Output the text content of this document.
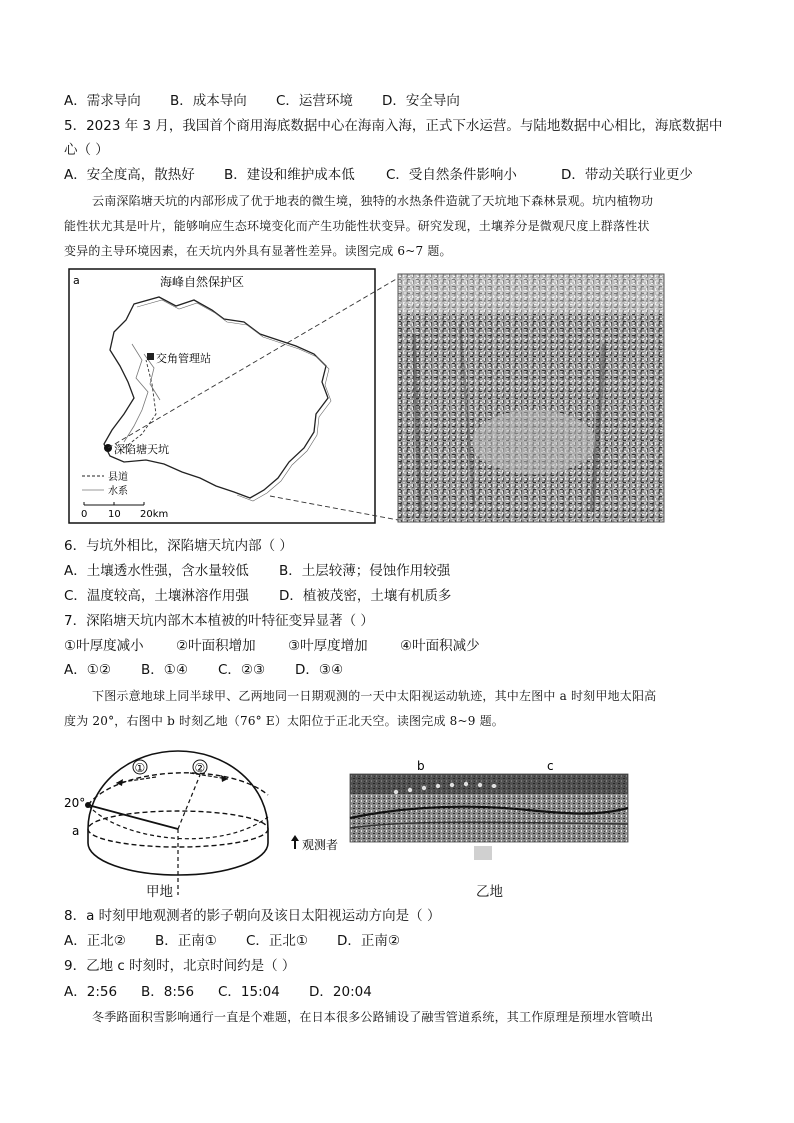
A．需求导向 B．成本导向 C．运营环境 D．安全导向
5．2023 年 3 月，我国首个商用海底数据中心在海南入海，正式下水运营。与陆地数据中心相比，海底数据中
心（ ）
A．安全度高，散热好 B．建设和维护成本低 C．受自然条件影响小	D．带动关联行业更少
云南深陷塘天坑的内部形成了优于地表的微生境，独特的水热条件造就了天坑地下森林景观。坑内植物功
能性状尤其是叶片，能够响应生态环境变化而产生功能性状变异。研究发现，土壤养分是微观尺度上群落性状
变异的主导环境因素，在天坑内外具有显著性差异。读图完成 6~7 题。
a	海峰自然保护区
交角管理站
深陷塘天坑
县道
水系
0 10 20km
6．与坑外相比，深陷塘天坑内部（ ）
A．土壤透水性强，含水量较低 B．土层较薄；侵蚀作用较强
C．温度较高，土壤淋溶作用强 D．植被茂密，土壤有机质多
7．深陷塘天坑内部木本植被的叶特征变异显著（ ）
①叶厚度减小 ②叶面积增加 ③叶厚度增加 ④叶面积减少
A．①② B．①④ C．②③ D．③④
下图示意地球上同半球甲、乙两地同一日期观测的一天中太阳视运动轨迹，其中左图中 a 时刻甲地太阳高
度为 20°，右图中 b 时刻乙地（76° E）太阳位于正北天空。读图完成 8~9 题。
①	②
20°
a
观测者
甲地
b	c
乙地
8．a 时刻甲地观测者的影子朝向及该日太阳视运动方向是（ ）
A．正北② B．正南① C．正北① D．正南②
9．乙地 c 时刻时，北京时间约是（ ）
A．2:56 B．8:56 C．15:04 D．20:04
冬季路面积雪影响通行一直是个难题，在日本很多公路铺设了融雪管道系统，其工作原理是预埋水管喷出
